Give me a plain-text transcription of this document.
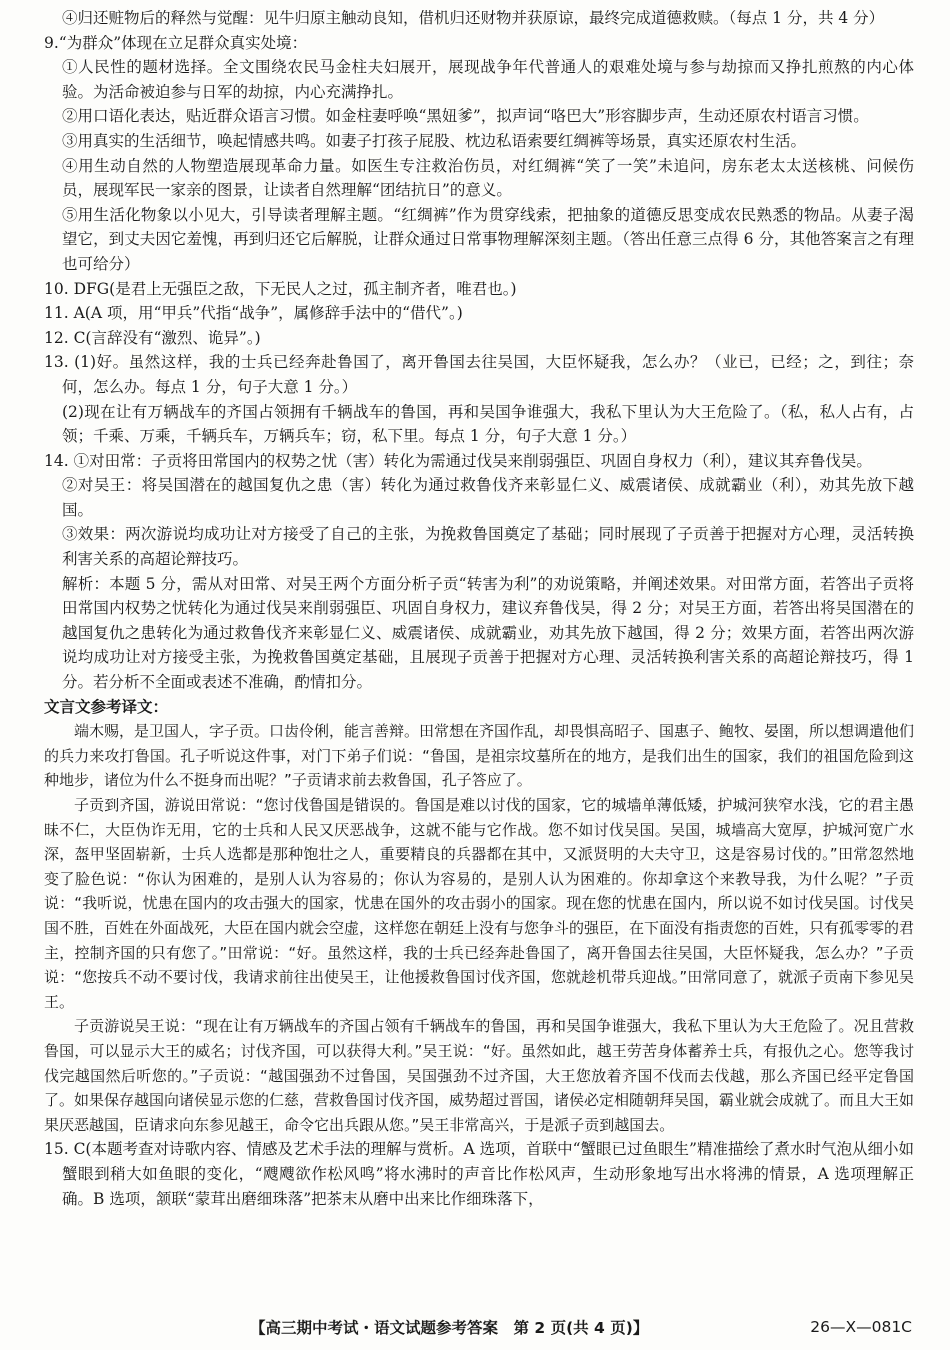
④归还赃物后的释然与觉醒：见牛归原主触动良知，借机归还财物并获原谅，最终完成道德救赎。（每点 1 分，共 4 分）

9.“为群众”体现在立足群众真实处境：

①人民性的题材选择。全文围绕农民马金柱夫妇展开，展现战争年代普通人的艰难处境与参与劫掠而又挣扎煎熬的内心体验。为活命被迫参与日军的劫掠，内心充满挣扎。

②用口语化表达，贴近群众语言习惯。如金柱妻呼唤“黑妞爹”，拟声词“咯巴大”形容脚步声，生动还原农村语言习惯。

③用真实的生活细节，唤起情感共鸣。如妻子打孩子屁股、枕边私语索要红绸裤等场景，真实还原农村生活。

④用生动自然的人物塑造展现革命力量。如医生专注救治伤员，对红绸裤“笑了一笑”未追问，房东老太太送核桃、问候伤员，展现军民一家亲的图景，让读者自然理解“团结抗日”的意义。

⑤用生活化物象以小见大，引导读者理解主题。“红绸裤”作为贯穿线索，把抽象的道德反思变成农民熟悉的物品。从妻子渴望它，到丈夫因它羞愧，再到归还它后解脱，让群众通过日常事物理解深刻主题。（答出任意三点得 6 分，其他答案言之有理也可给分）

10. DFG(是君上无强臣之敌，下无民人之过，孤主制齐者，唯君也。)

11. A(A 项，用“甲兵”代指“战争”，属修辞手法中的“借代”。)

12. C(言辞没有“激烈、诡异”。)

13. (1)好。虽然这样，我的士兵已经奔赴鲁国了，离开鲁国去往吴国，大臣怀疑我，怎么办？（业已，已经；之，到往；奈何，怎么办。每点 1 分，句子大意 1 分。）

(2)现在让有万辆战车的齐国占领拥有千辆战车的鲁国，再和吴国争谁强大，我私下里认为大王危险了。（私，私人占有，占领；千乘、万乘，千辆兵车，万辆兵车；窃，私下里。每点 1 分，句子大意 1 分。）

14. ①对田常：子贡将田常国内的权势之忧（害）转化为需通过伐吴来削弱强臣、巩固自身权力（利），建议其弃鲁伐吴。

②对吴王：将吴国潜在的越国复仇之患（害）转化为通过救鲁伐齐来彰显仁义、威震诸侯、成就霸业（利），劝其先放下越国。

③效果：两次游说均成功让对方接受了自己的主张，为挽救鲁国奠定了基础；同时展现了子贡善于把握对方心理，灵活转换利害关系的高超论辩技巧。

解析：本题 5 分，需从对田常、对吴王两个方面分析子贡“转害为利”的劝说策略，并阐述效果。对田常方面，若答出子贡将田常国内权势之忧转化为通过伐吴来削弱强臣、巩固自身权力，建议弃鲁伐吴，得 2 分；对吴王方面，若答出将吴国潜在的越国复仇之患转化为通过救鲁伐齐来彰显仁义、威震诸侯、成就霸业，劝其先放下越国，得 2 分；效果方面，若答出两次游说均成功让对方接受主张，为挽救鲁国奠定基础，且展现子贡善于把握对方心理、灵活转换利害关系的高超论辩技巧，得 1 分。若分析不全面或表述不准确，酌情扣分。

文言文参考译文：

端木赐，是卫国人，字子贡。口齿伶俐，能言善辩。田常想在齐国作乱，却畏惧高昭子、国惠子、鲍牧、晏圉，所以想调遣他们的兵力来攻打鲁国。孔子听说这件事，对门下弟子们说：“鲁国，是祖宗坟墓所在的地方，是我们出生的国家，我们的祖国危险到这种地步，诸位为什么不挺身而出呢？”子贡请求前去救鲁国，孔子答应了。

子贡到齐国，游说田常说：“您讨伐鲁国是错误的。鲁国是难以讨伐的国家，它的城墙单薄低矮，护城河狭窄水浅，它的君主愚昧不仁，大臣伪诈无用，它的士兵和人民又厌恶战争，这就不能与它作战。您不如讨伐吴国。吴国，城墙高大宽厚，护城河宽广水深，盔甲坚固崭新，士兵人选都是那种饱壮之人，重要精良的兵器都在其中，又派贤明的大夫守卫，这是容易讨伐的。”田常忽然地变了脸色说：“你认为困难的，是别人认为容易的；你认为容易的，是别人认为困难的。你却拿这个来教导我，为什么呢？”子贡说：“我听说，忧患在国内的攻击强大的国家，忧患在国外的攻击弱小的国家。现在您的忧患在国内，所以说不如讨伐吴国。讨伐吴国不胜，百姓在外面战死，大臣在国内就会空虚，这样您在朝廷上没有与您争斗的强臣，在下面没有指责您的百姓，只有孤零零的君主，控制齐国的只有您了。”田常说：“好。虽然这样，我的士兵已经奔赴鲁国了，离开鲁国去往吴国，大臣怀疑我，怎么办？”子贡说：“您按兵不动不要讨伐，我请求前往出使吴王，让他援救鲁国讨伐齐国，您就趁机带兵迎战。”田常同意了，就派子贡南下参见吴王。

子贡游说吴王说：“现在让有万辆战车的齐国占领有千辆战车的鲁国，再和吴国争谁强大，我私下里认为大王危险了。况且营救鲁国，可以显示大王的威名；讨伐齐国，可以获得大利。”吴王说：“好。虽然如此，越王劳苦身体蓄养士兵，有报仇之心。您等我讨伐完越国然后听您的。”子贡说：“越国强劲不过鲁国，吴国强劲不过齐国，大王您放着齐国不伐而去伐越，那么齐国已经平定鲁国了。如果保存越国向诸侯显示您的仁慈，营救鲁国讨伐齐国，威势超过晋国，诸侯必定相随朝拜吴国，霸业就会成就了。而且大王如果厌恶越国，臣请求向东参见越王，命令它出兵跟从您。”吴王非常高兴，于是派子贡到越国去。

15. C(本题考查对诗歌内容、情感及艺术手法的理解与赏析。A 选项，首联中“蟹眼已过鱼眼生”精准描绘了煮水时气泡从细小如蟹眼到稍大如鱼眼的变化，“飕飕欲作松风鸣”将水沸时的声音比作松风声，生动形象地写出水将沸的情景，A 选项理解正确。B 选项，颔联“蒙茸出磨细珠落”把茶末从磨中出来比作细珠落下，

【高三期中考试・语文试题参考答案　第 2 页(共 4 页)】	26—X—081C
